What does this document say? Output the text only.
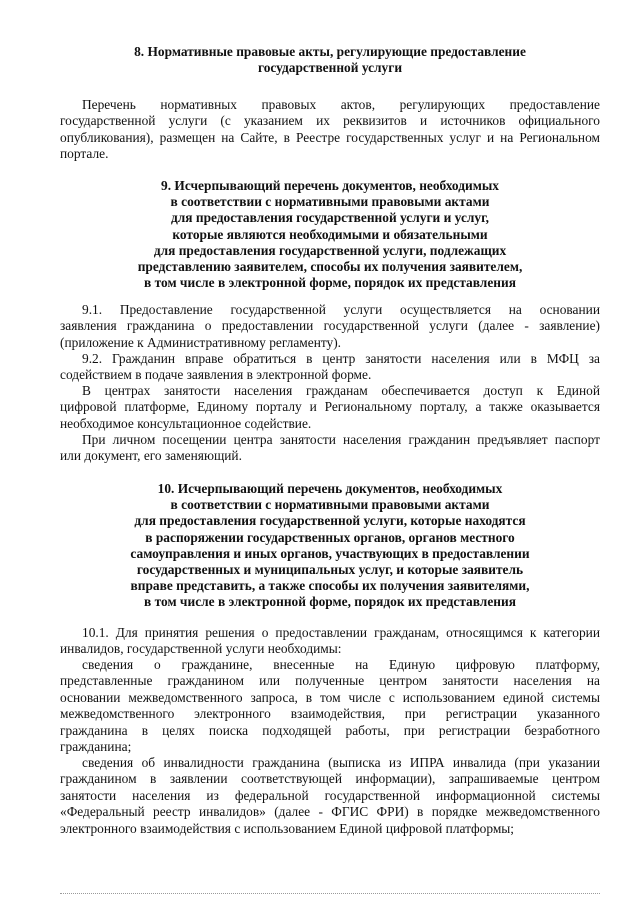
8. Нормативные правовые акты, регулирующие предоставление
государственной услуги
Перечень нормативных правовых актов, регулирующих предоставление
государственной услуги (с указанием их реквизитов и источников официального
опубликования), размещен на Сайте, в Реестре государственных услуг и на Региональном
портале.
9. Исчерпывающий перечень документов, необходимых
в соответствии с нормативными правовыми актами
для предоставления государственной услуги и услуг,
которые являются необходимыми и обязательными
для предоставления государственной услуги, подлежащих
представлению заявителем, способы их получения заявителем,
в том числе в электронной форме, порядок их представления
9.1. Предоставление государственной услуги осуществляется на основании
заявления гражданина о предоставлении государственной услуги (далее - заявление)
(приложение к Административному регламенту).
9.2. Гражданин вправе обратиться в центр занятости населения или в МФЦ за
содействием в подаче заявления в электронной форме.
В центрах занятости населения гражданам обеспечивается доступ к Единой
цифровой платформе, Единому порталу и Региональному порталу, а также оказывается
необходимое консультационное содействие.
При личном посещении центра занятости населения гражданин предъявляет паспорт
или документ, его заменяющий.
10. Исчерпывающий перечень документов, необходимых
в соответствии с нормативными правовыми актами
для предоставления государственной услуги, которые находятся
в распоряжении государственных органов, органов местного
самоуправления и иных органов, участвующих в предоставлении
государственных и муниципальных услуг, и которые заявитель
вправе представить, а также способы их получения заявителями,
в том числе в электронной форме, порядок их представления
10.1. Для принятия решения о предоставлении гражданам, относящимся к категории
инвалидов, государственной услуги необходимы:
сведения о гражданине, внесенные на Единую цифровую платформу,
представленные гражданином или полученные центром занятости населения на
основании межведомственного запроса, в том числе с использованием единой системы
межведомственного электронного взаимодействия, при регистрации указанного
гражданина в целях поиска подходящей работы, при регистрации безработного
гражданина;
сведения об инвалидности гражданина (выписка из ИПРА инвалида (при указании
гражданином в заявлении соответствующей информации), запрашиваемые центром
занятости населения из федеральной государственной информационной системы
«Федеральный реестр инвалидов» (далее - ФГИС ФРИ) в порядке межведомственного
электронного взаимодействия с использованием Единой цифровой платформы;
